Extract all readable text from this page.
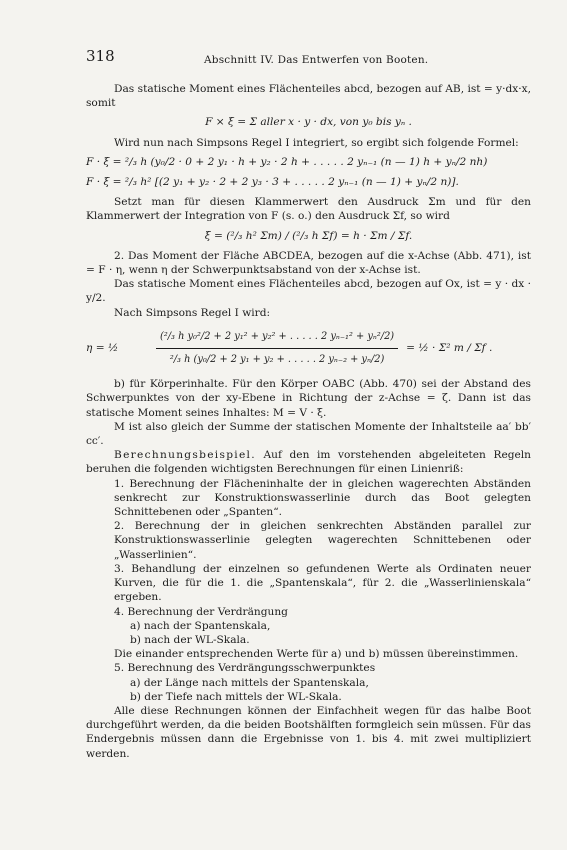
318	Abschnitt IV. Das Entwerfen von Booten.

Das statische Moment eines Flächenteiles abcd, bezogen auf AB, ist = y·dx·x, somit

F × ξ = Σ aller x · y · dx, von y₀ bis yₙ .

Wird nun nach Simpsons Regel I integriert, so ergibt sich folgende Formel:

F · ξ = ²/₃ h (y₀/2 · 0 + 2 y₁ · h + y₂ · 2 h + . . . . . 2 yₙ₋₁ (n — 1) h + yₙ/2 nh)

F · ξ = ²/₃ h² [(2 y₁ + y₂ · 2 + 2 y₃ · 3 + . . . . . 2 yₙ₋₁ (n — 1) + yₙ/2 n)].

Setzt man für diesen Klammerwert den Ausdruck Σm und für den Klammerwert der Integration von F (s. o.) den Ausdruck Σf, so wird

ξ = (²/₃ h² Σm) / (²/₃ h Σf) = h · Σm / Σf.

2. Das Moment der Fläche ABCDEA, bezogen auf die x-Achse (Abb. 471), ist = F · η, wenn η der Schwerpunktsabstand von der x-Achse ist.

Das statische Moment eines Flächenteiles abcd, bezogen auf Ox, ist = y · dx · y/2.

Nach Simpsons Regel I wird:

η = ½	$\frac{\text{(²/₃ h y₀²/2 + 2 y₁² + y₂² + . . . . . 2 yₙ₋₁² + yₙ²/2)}}{\text{²/₃ h (y₀/2 + 2 y₁ + y₂ + . . . . . 2 yₙ₋₂ + yₙ/2)}}$ = ½ · Σ² m / Σf .

b) für Körperinhalte. Für den Körper OABC (Abb. 470) sei der Abstand des Schwerpunktes von der xy-Ebene in Richtung der z-Achse = ζ. Dann ist das statische Moment seines Inhaltes: M = V · ξ.

M ist also gleich der Summe der statischen Momente der Inhaltsteile aa′ bb′ cc′.

Berechnungsbeispiel. Auf den im vorstehenden abgeleiteten Regeln beruhen die folgenden wichtigsten Berechnungen für einen Linienriß:

1. Berechnung der Flächeninhalte der in gleichen wagerechten Abständen senkrecht zur Konstruktionswasserlinie durch das Boot gelegten Schnittebenen oder „Spanten“.

2. Berechnung der in gleichen senkrechten Abständen parallel zur Konstruktionswasserlinie gelegten wagerechten Schnittebenen oder „Wasserlinien“.

3. Behandlung der einzelnen so gefundenen Werte als Ordinaten neuer Kurven, die für die 1. die „Spantenskala“, für 2. die „Wasserlinienskala“ ergeben.

4. Berechnung der Verdrängung

a) nach der Spantenskala,

b) nach der WL-Skala.

Die einander entsprechenden Werte für a) und b) müssen übereinstimmen.

5. Berechnung des Verdrängungsschwerpunktes

a) der Länge nach mittels der Spantenskala,

b) der Tiefe nach mittels der WL-Skala.

Alle diese Rechnungen können der Einfachheit wegen für das halbe Boot durchgeführt werden, da die beiden Bootshälften formgleich sein müssen. Für das Endergebnis müssen dann die Ergebnisse von 1. bis 4. mit zwei multipliziert werden.
